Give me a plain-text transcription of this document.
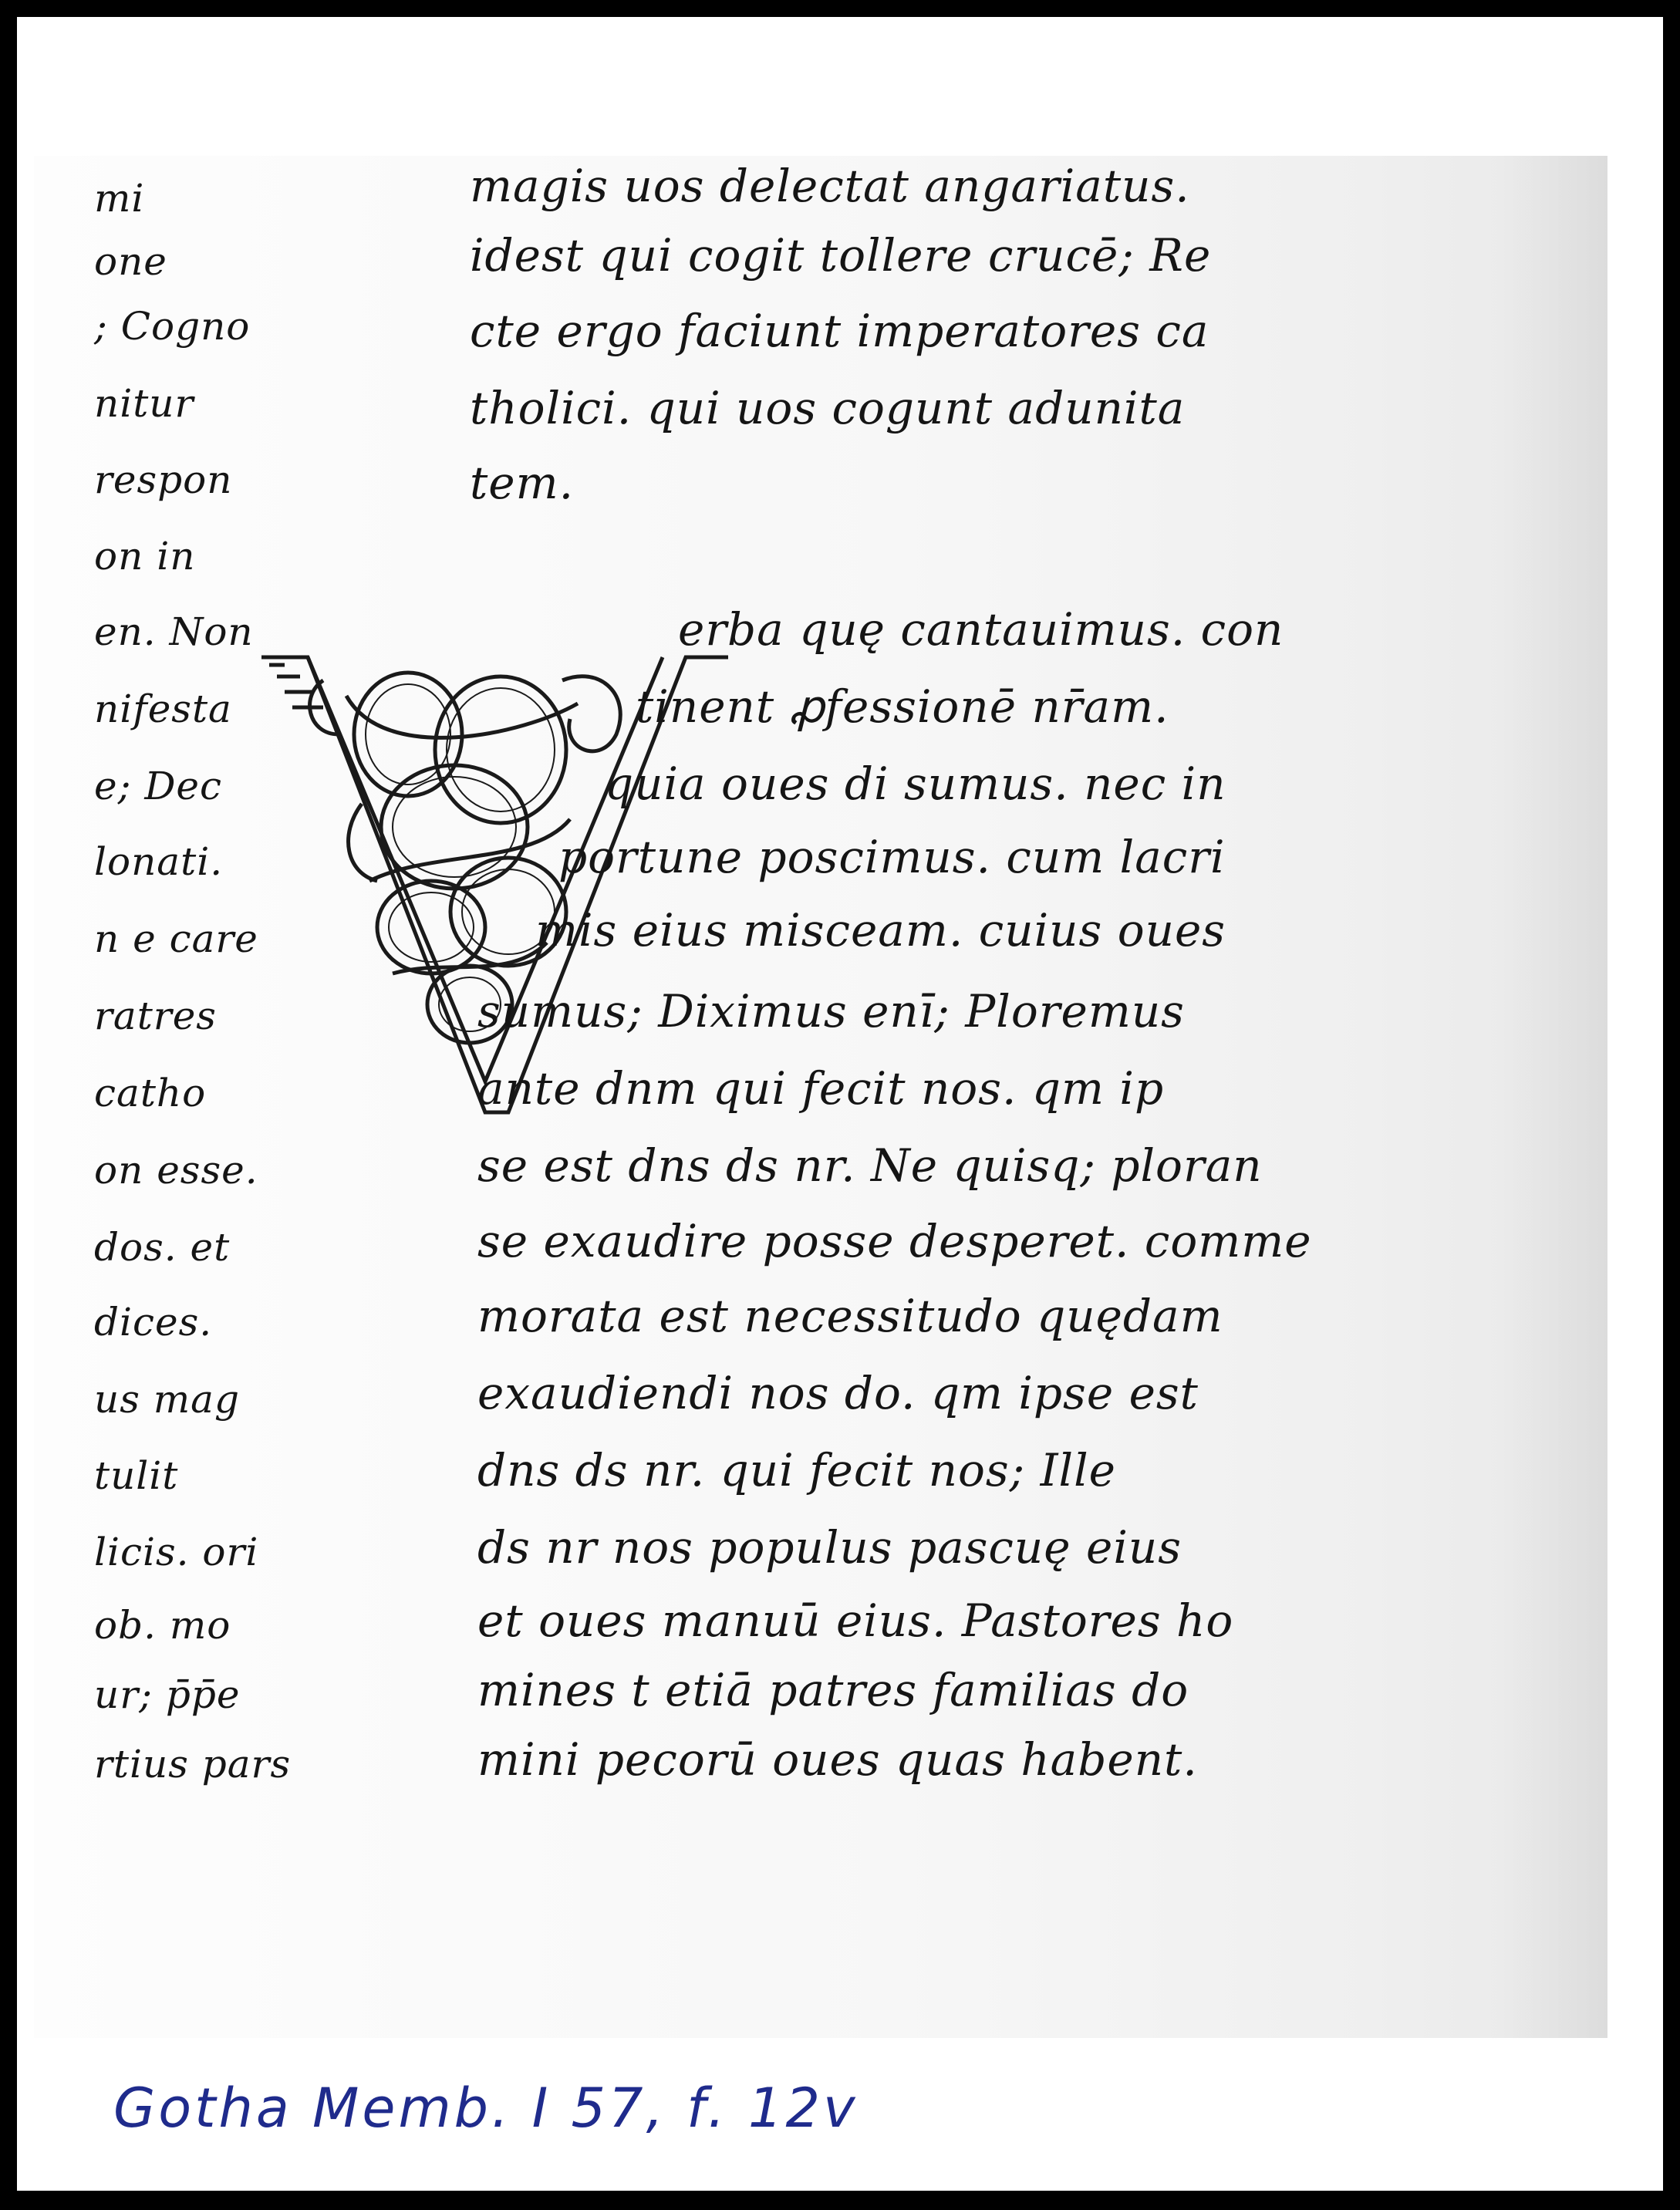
mi
one
; Cogno
nitur
respon
on in
en. Non
nifesta
e; Dec
lonati.
n e care
ratres
catho
on esse.
dos. et
dices.
us mag
tulit
licis. ori
ob. mo
ur; p̄p̄e
rtius pars
magis uos delectat angariatus.
idest qui cogit tollere crucē; Re
cte ergo faciunt imperatores ca
tholici. qui uos cogunt adunita
tem.
erba quę cantauimus. con
tinent ꝓfessionē nr̄am.
quia oues di sumus. nec in
portune poscimus. cum lacri
mis eius misceam. cuius oues
sumus; Diximus enī; Ploremus
ante dnm qui fecit nos. qm ip
se est dns ds nr. Ne quisq; ploran
se exaudire posse desperet. comme
morata est necessitudo quędam
exaudiendi nos do. qm ipse est
dns ds nr. qui fecit nos; Ille
ds nr nos populus pascuę eius
et oues manuū eius. Pastores ho
mines t etiā patres familias do
mini pecorū oues quas habent.
Gotha Memb. I 57, f. 12v
